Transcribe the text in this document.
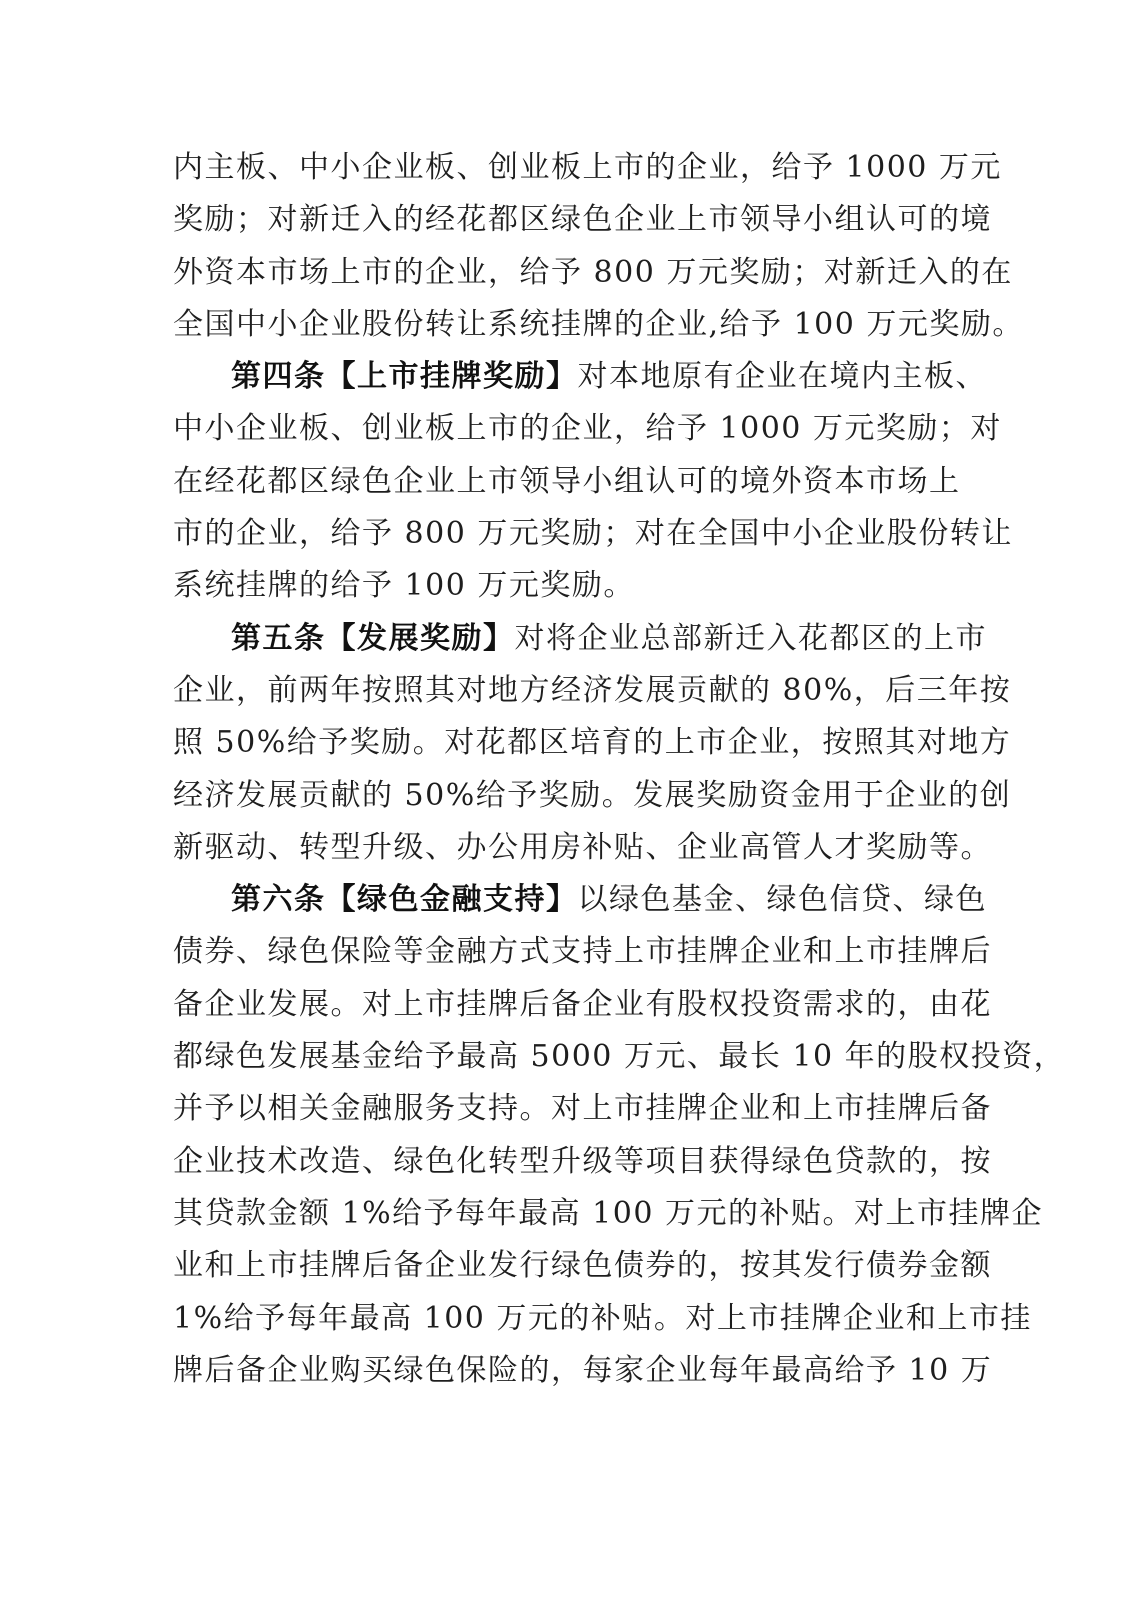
内主板、中小企业板、创业板上市的企业，给予 1000 万元
奖励；对新迁入的经花都区绿色企业上市领导小组认可的境
外资本市场上市的企业，给予 800 万元奖励；对新迁入的在
全国中小企业股份转让系统挂牌的企业,给予 100 万元奖励。
第四条【上市挂牌奖励】对本地原有企业在境内主板、
中小企业板、创业板上市的企业，给予 1000 万元奖励；对
在经花都区绿色企业上市领导小组认可的境外资本市场上
市的企业，给予 800 万元奖励；对在全国中小企业股份转让
系统挂牌的给予 100 万元奖励。
第五条【发展奖励】对将企业总部新迁入花都区的上市
企业，前两年按照其对地方经济发展贡献的 80%，后三年按
照 50%给予奖励。对花都区培育的上市企业，按照其对地方
经济发展贡献的 50%给予奖励。发展奖励资金用于企业的创
新驱动、转型升级、办公用房补贴、企业高管人才奖励等。
第六条【绿色金融支持】以绿色基金、绿色信贷、绿色
债券、绿色保险等金融方式支持上市挂牌企业和上市挂牌后
备企业发展。对上市挂牌后备企业有股权投资需求的，由花
都绿色发展基金给予最高 5000 万元、最长 10 年的股权投资，
并予以相关金融服务支持。对上市挂牌企业和上市挂牌后备
企业技术改造、绿色化转型升级等项目获得绿色贷款的，按
其贷款金额 1%给予每年最高 100 万元的补贴。对上市挂牌企
业和上市挂牌后备企业发行绿色债券的，按其发行债券金额
1%给予每年最高 100 万元的补贴。对上市挂牌企业和上市挂
牌后备企业购买绿色保险的，每家企业每年最高给予 10 万
